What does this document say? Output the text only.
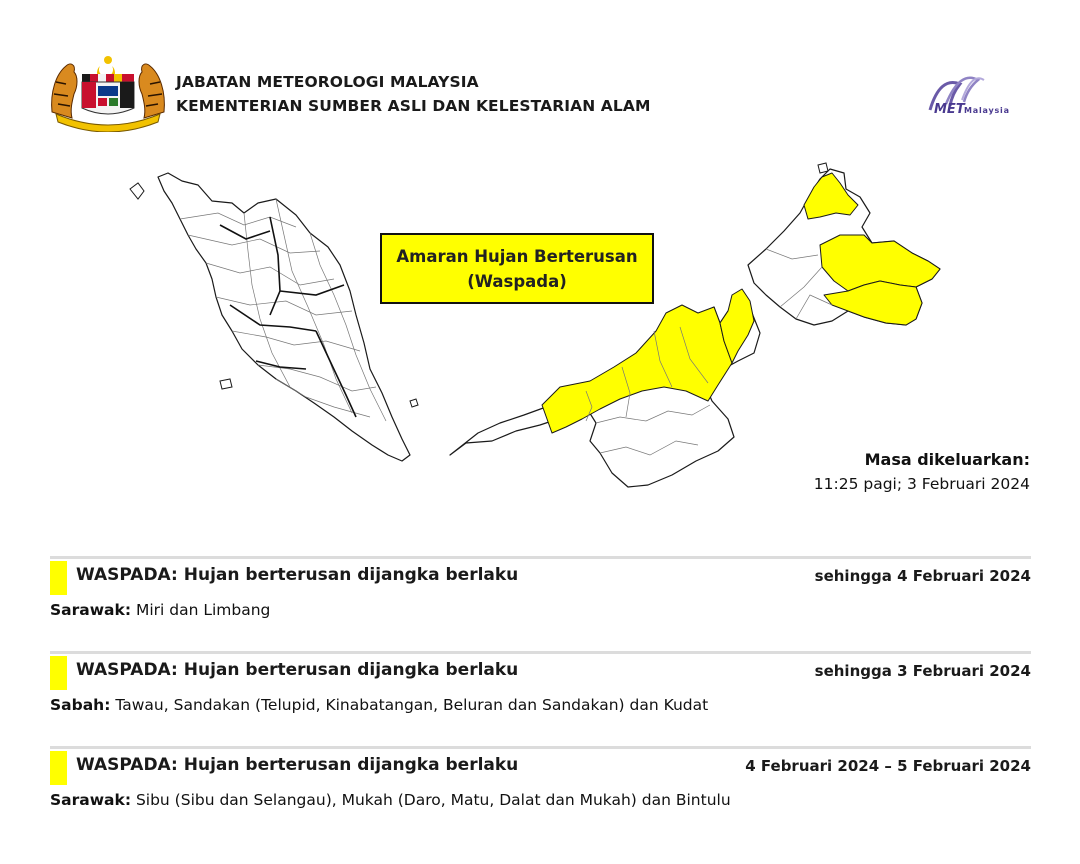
JABATAN METEOROLOGI MALAYSIA
KEMENTERIAN SUMBER ASLI DAN KELESTARIAN ALAM	MET Malaysia
Amaran Hujan Berterusan
(Waspada)
Masa dikeluarkan:
11:25 pagi; 3 Februari 2024
WASPADA: Hujan berterusan dijangka berlaku	sehingga 4 Februari 2024
Sarawak: Miri dan Limbang
WASPADA: Hujan berterusan dijangka berlaku	sehingga 3 Februari 2024
Sabah: Tawau, Sandakan (Telupid, Kinabatangan, Beluran dan Sandakan) dan Kudat
WASPADA: Hujan berterusan dijangka berlaku	4 Februari 2024 – 5 Februari 2024
Sarawak: Sibu (Sibu dan Selangau), Mukah (Daro, Matu, Dalat dan Mukah) dan Bintulu
